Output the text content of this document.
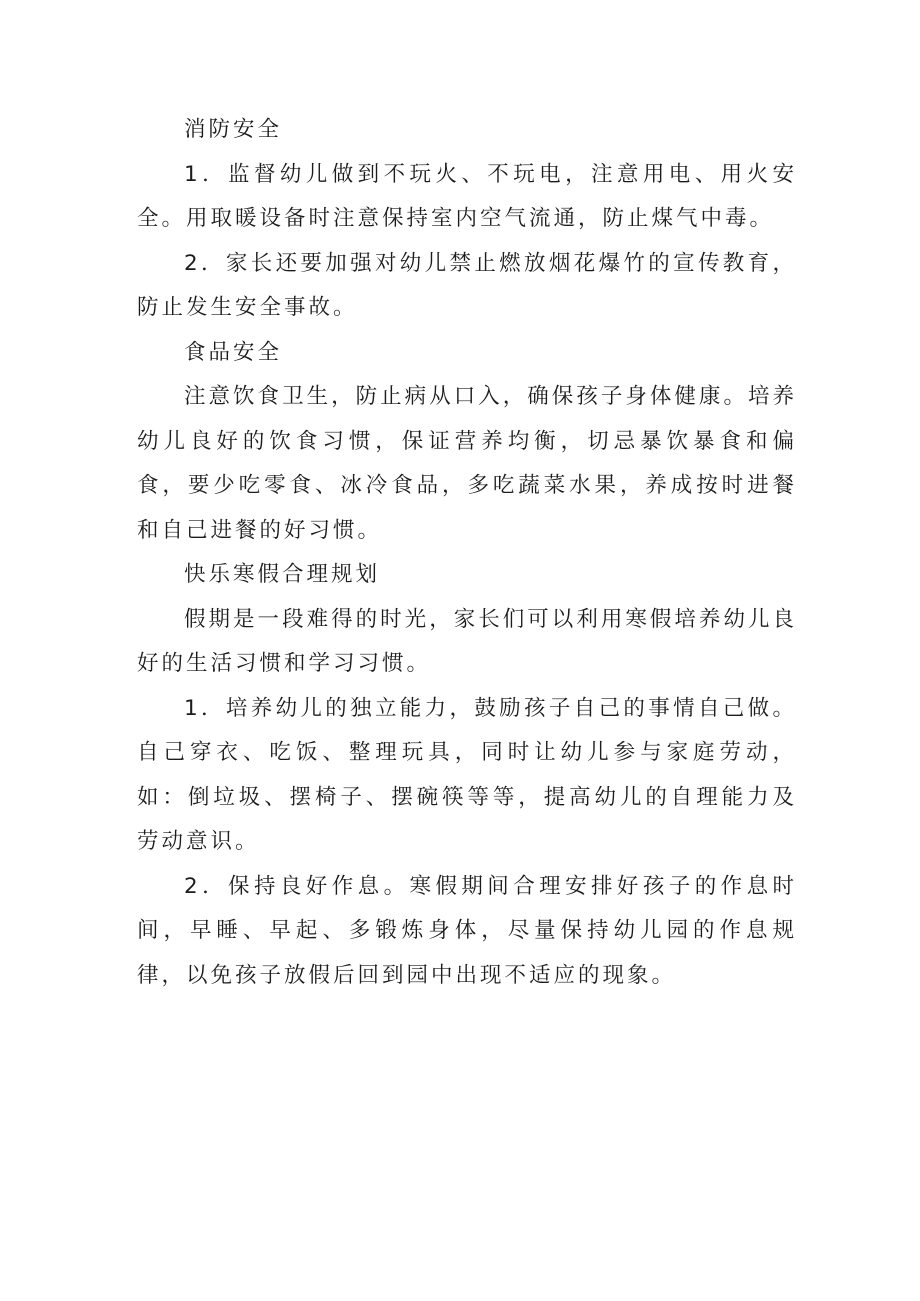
消防安全

1．监督幼儿做到不玩火、不玩电，注意用电、用火安全。用取暖设备时注意保持室内空气流通，防止煤气中毒。

2．家长还要加强对幼儿禁止燃放烟花爆竹的宣传教育，防止发生安全事故。

食品安全

注意饮食卫生，防止病从口入，确保孩子身体健康。培养幼儿良好的饮食习惯，保证营养均衡，切忌暴饮暴食和偏食，要少吃零食、冰冷食品，多吃蔬菜水果，养成按时进餐和自己进餐的好习惯。

快乐寒假合理规划

假期是一段难得的时光，家长们可以利用寒假培养幼儿良好的生活习惯和学习习惯。

1．培养幼儿的独立能力，鼓励孩子自己的事情自己做。自己穿衣、吃饭、整理玩具，同时让幼儿参与家庭劳动，如：倒垃圾、摆椅子、摆碗筷等等，提高幼儿的自理能力及劳动意识。

2．保持良好作息。寒假期间合理安排好孩子的作息时间，早睡、早起、多锻炼身体，尽量保持幼儿园的作息规律，以免孩子放假后回到园中出现不适应的现象。
